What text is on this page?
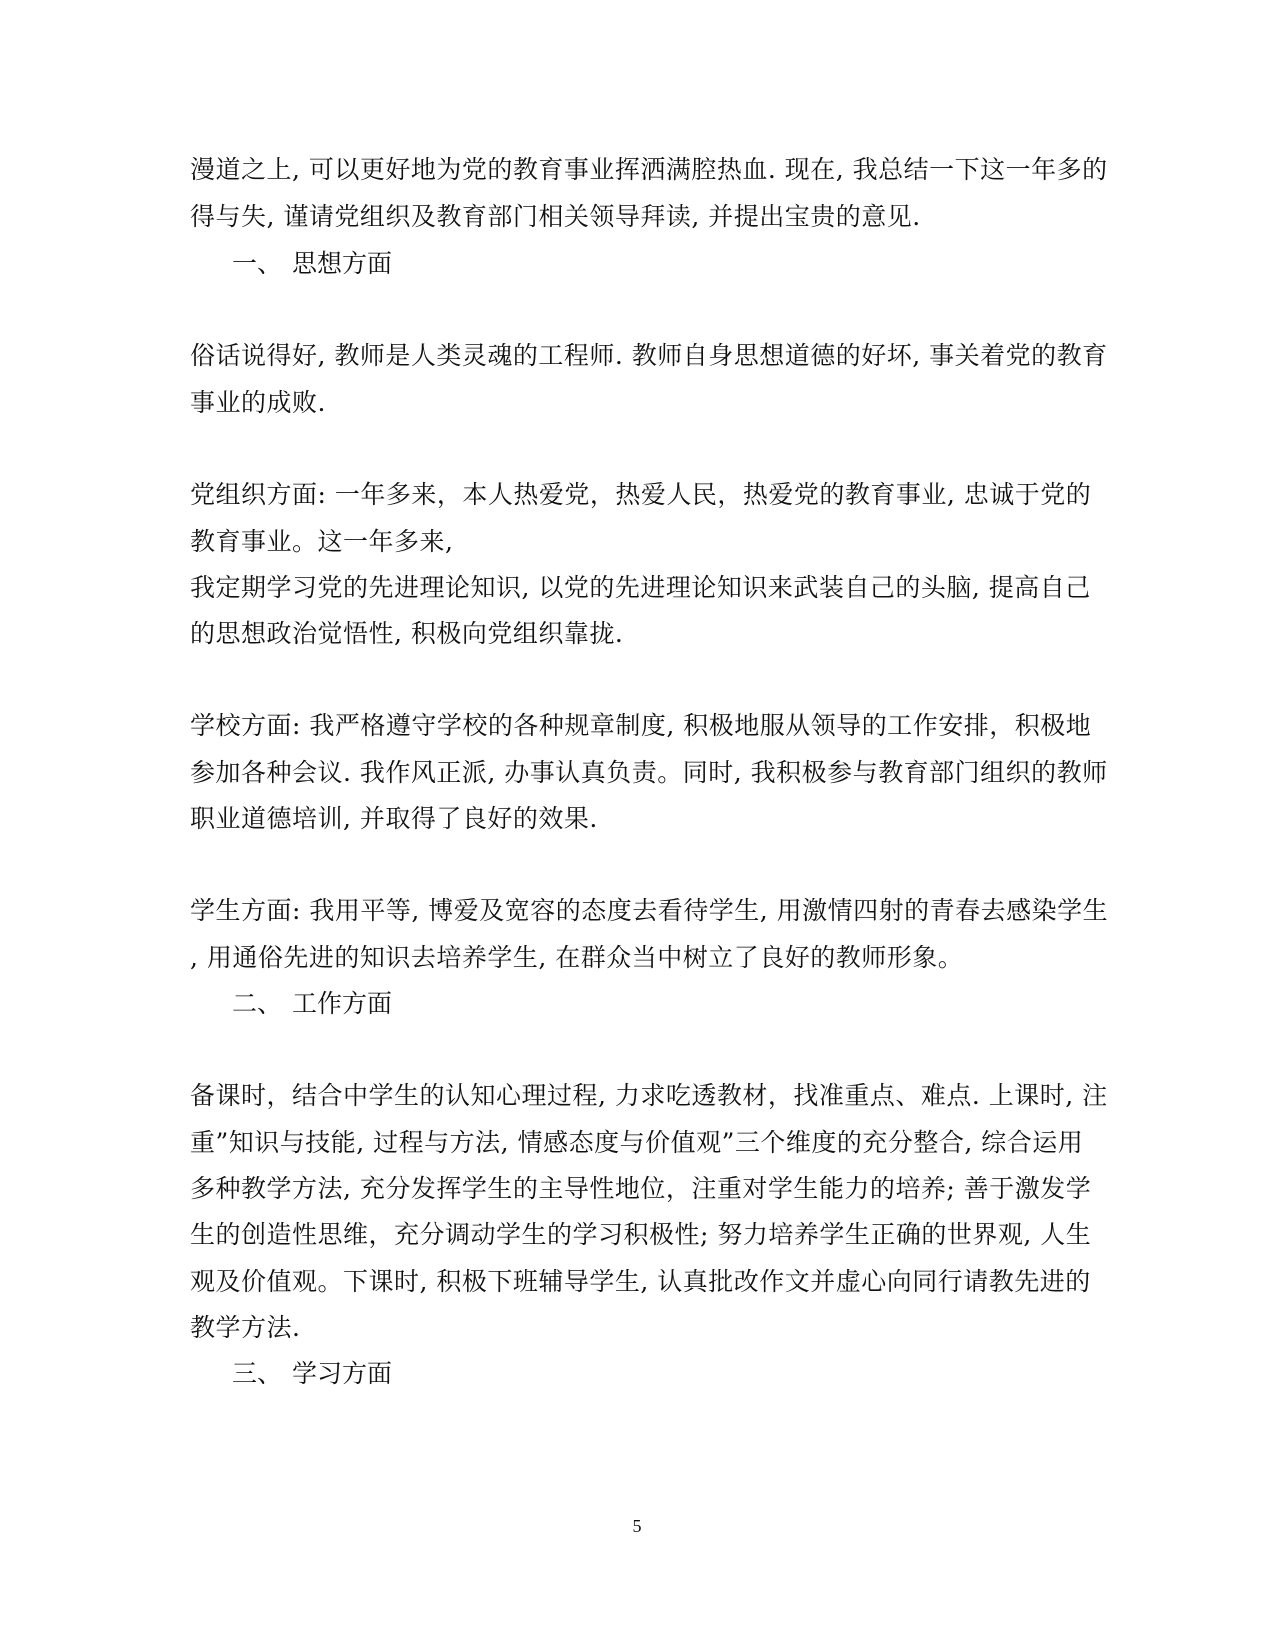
漫道之上, 可以更好地为党的教育事业挥洒满腔热血. 现在, 我总结一下这一年多的
得与失, 谨请党组织及教育部门相关领导拜读, 并提出宝贵的意见.
一、 思想方面
俗话说得好, 教师是人类灵魂的工程师. 教师自身思想道德的好坏, 事关着党的教育
事业的成败.
党组织方面: 一年多来，本人热爱党，热爱人民，热爱党的教育事业, 忠诚于党的
教育事业。这一年多来,
我定期学习党的先进理论知识, 以党的先进理论知识来武装自己的头脑, 提高自己
的思想政治觉悟性, 积极向党组织靠拢.
学校方面: 我严格遵守学校的各种规章制度, 积极地服从领导的工作安排，积极地
参加各种会议. 我作风正派, 办事认真负责。同时, 我积极参与教育部门组织的教师
职业道德培训, 并取得了良好的效果.
学生方面: 我用平等, 博爱及宽容的态度去看待学生, 用激情四射的青春去感染学生
, 用通俗先进的知识去培养学生, 在群众当中树立了良好的教师形象。
二、 工作方面
备课时，结合中学生的认知心理过程, 力求吃透教材，找准重点、难点. 上课时, 注
重”知识与技能, 过程与方法, 情感态度与价值观”三个维度的充分整合, 综合运用
多种教学方法, 充分发挥学生的主导性地位，注重对学生能力的培养; 善于激发学
生的创造性思维，充分调动学生的学习积极性; 努力培养学生正确的世界观, 人生
观及价值观。下课时, 积极下班辅导学生, 认真批改作文并虚心向同行请教先进的
教学方法.
三、 学习方面
5
